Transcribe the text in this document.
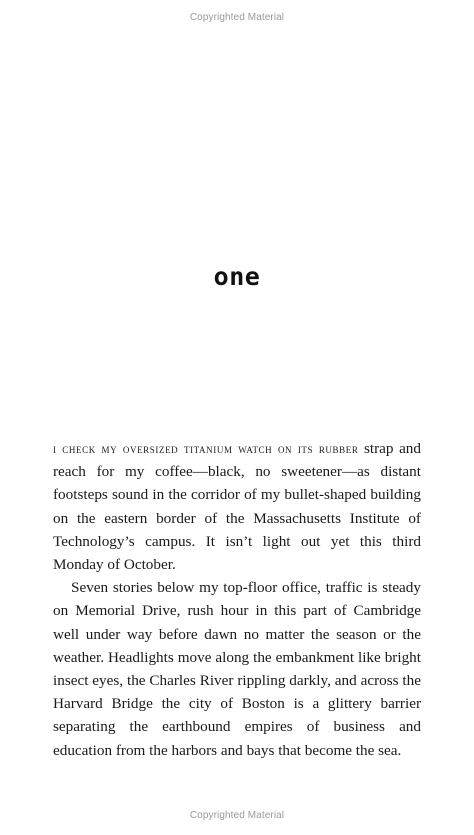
Copyrighted Material
one

i check my oversized titanium watch on its rubber strap and reach for my coffee—black, no sweetener—as distant footsteps sound in the corridor of my bullet-shaped building on the eastern border of the Massachusetts Institute of Technology’s campus. It isn’t light out yet this third Monday of October.

Seven stories below my top-floor office, traffic is steady on Memorial Drive, rush hour in this part of Cambridge well under way before dawn no matter the season or the weather. Headlights move along the embankment like bright insect eyes, the Charles River rippling darkly, and across the Harvard Bridge the city of Boston is a glittery barrier separating the earthbound empires of business and education from the harbors and bays that become the sea.

Copyrighted Material
